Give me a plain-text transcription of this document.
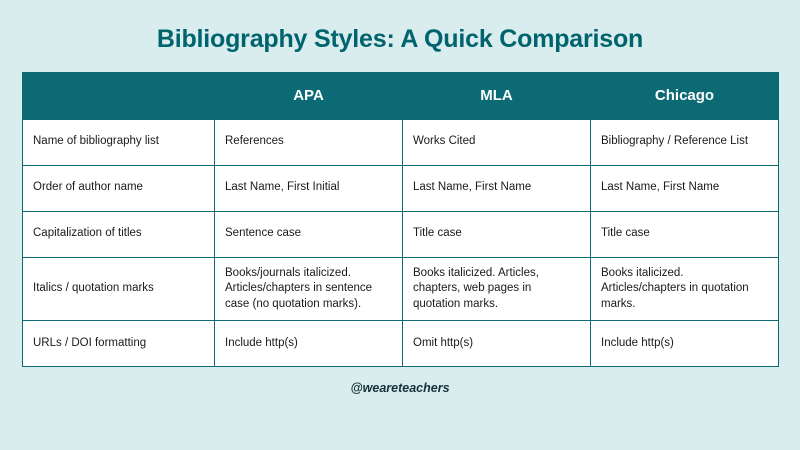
Bibliography Styles: A Quick Comparison
	APA	MLA	Chicago
Name of bibliography list	References	Works Cited	Bibliography / Reference List
Order of author name	Last Name, First Initial	Last Name, First Name	Last Name, First Name
Capitalization of titles	Sentence case	Title case	Title case
Italics / quotation marks	Books/journals italicized. Articles/chapters in sentence case (no quotation marks).	Books italicized. Articles, chapters, web pages in quotation marks.	Books italicized. Articles/chapters in quotation marks.
URLs / DOI formatting	Include http(s)	Omit http(s)	Include http(s)
@weareteachers
